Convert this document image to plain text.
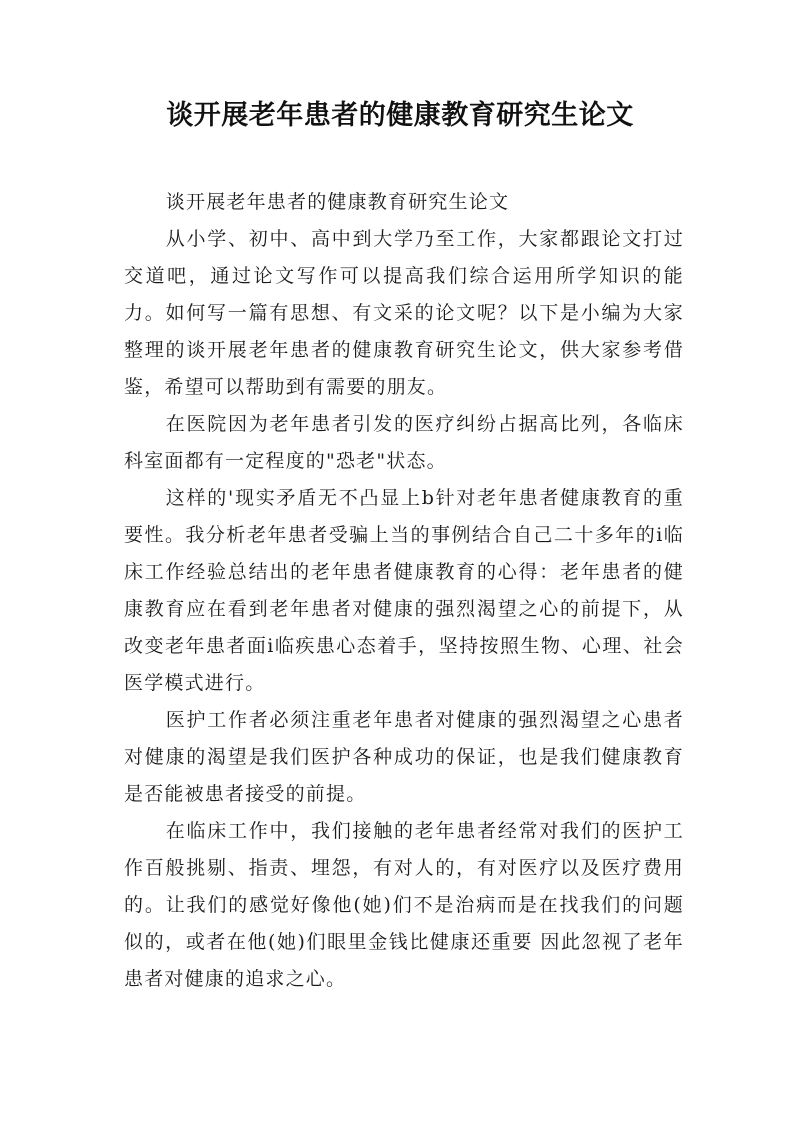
谈开展老年患者的健康教育研究生论文

谈开展老年患者的健康教育研究生论文

从小学、初中、高中到大学乃至工作，大家都跟论文打过交道吧，通过论文写作可以提高我们综合运用所学知识的能力。如何写一篇有思想、有文采的论文呢？以下是小编为大家整理的谈开展老年患者的健康教育研究生论文，供大家参考借鉴，希望可以帮助到有需要的朋友。

在医院因为老年患者引发的医疗纠纷占据高比列，各临床科室面都有一定程度的"恐老"状态。

这样的'现实矛盾无不凸显上b针对老年患者健康教育的重要性。我分析老年患者受骗上当的事例结合自己二十多年的i临床工作经验总结出的老年患者健康教育的心得：老年患者的健康教育应在看到老年患者对健康的强烈渴望之心的前提下，从改变老年患者面i临疾患心态着手，坚持按照生物、心理、社会医学模式进行。

医护工作者必须注重老年患者对健康的强烈渴望之心患者对健康的渴望是我们医护各种成功的保证，也是我们健康教育是否能被患者接受的前提。

在临床工作中，我们接触的老年患者经常对我们的医护工作百般挑剔、指责、埋怨，有对人的，有对医疗以及医疗费用的。让我们的感觉好像他(她)们不是治病而是在找我们的问题似的，或者在他(她)们眼里金钱比健康还重要 因此忽视了老年患者对健康的追求之心。
